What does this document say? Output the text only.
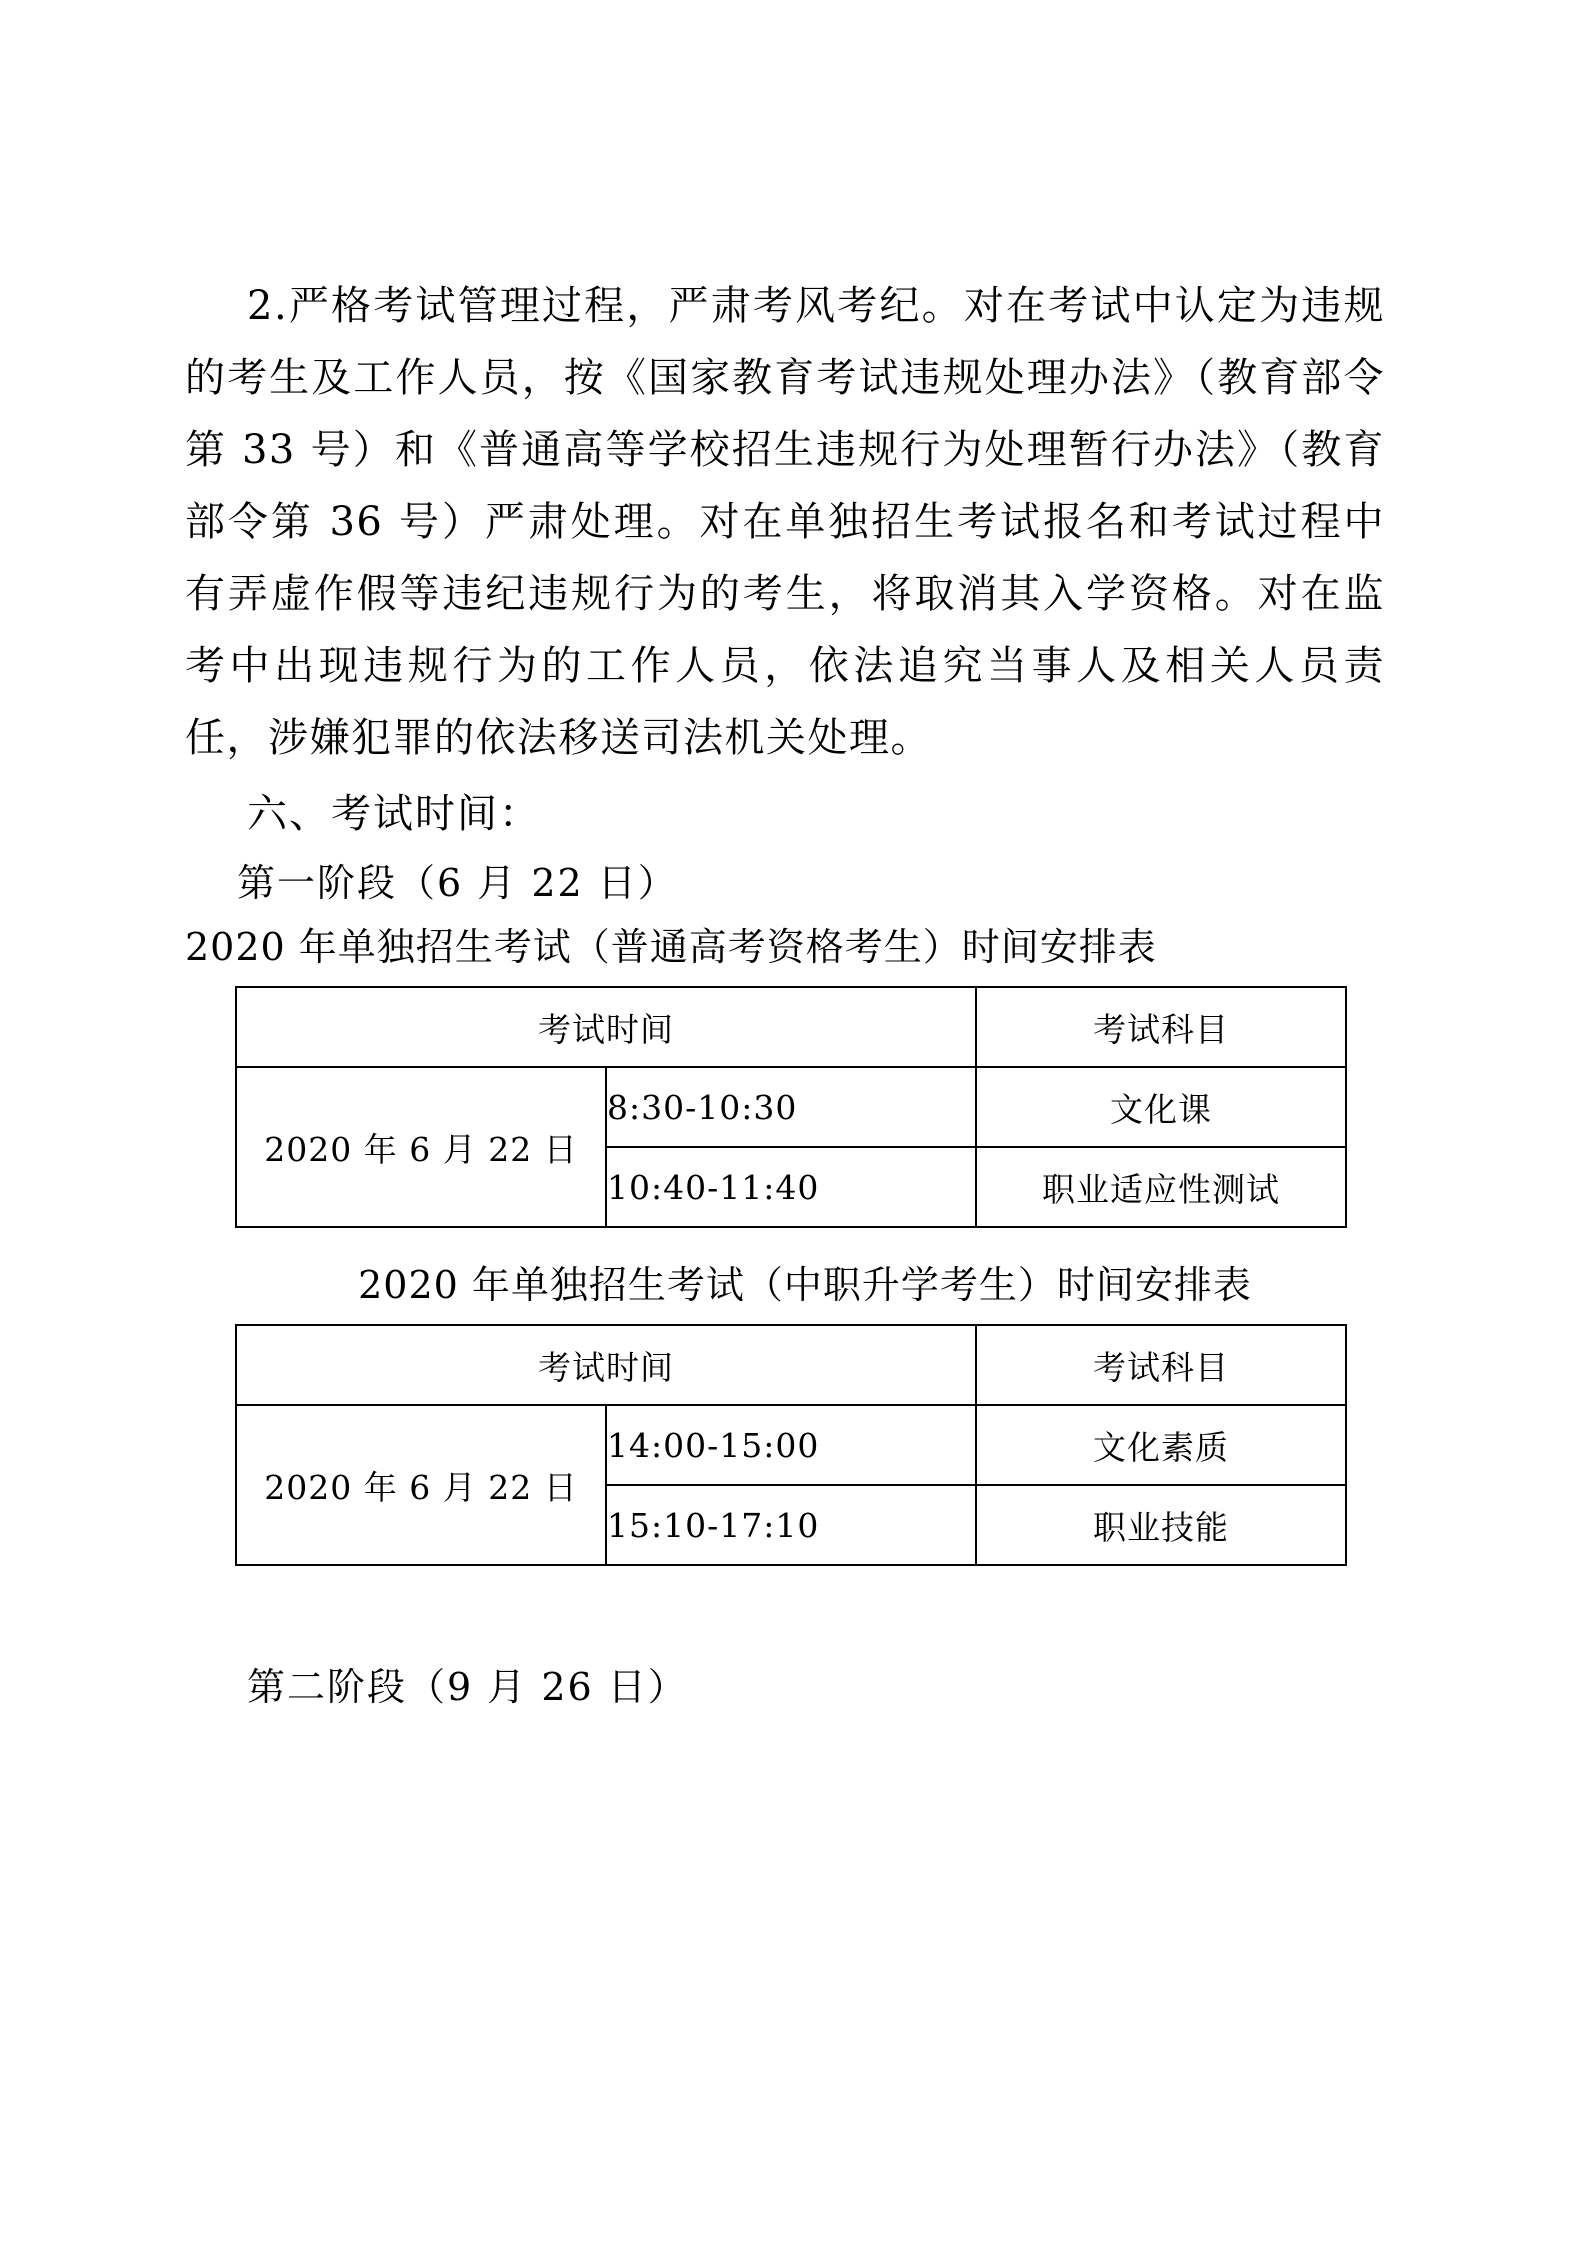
2.严格考试管理过程，严肃考风考纪。对在考试中认定为违规的考生及工作人员，按《国家教育考试违规处理办法》（教育部令第 33 号）和《普通高等学校招生违规行为处理暂行办法》（教育部令第 36 号）严肃处理。对在单独招生考试报名和考试过程中有弄虚作假等违纪违规行为的考生，将取消其入学资格。对在监考中出现违规行为的工作人员，依法追究当事人及相关人员责任，涉嫌犯罪的依法移送司法机关处理。

六、考试时间：
第一阶段（6 月 22 日）
2020 年单独招生考试（普通高考资格考生）时间安排表
考试时间		考试科目
2020 年 6 月 22 日	8:30-10:30	文化课
	10:40-11:40	职业适应性测试
2020 年单独招生考试（中职升学考生）时间安排表
考试时间		考试科目
2020 年 6 月 22 日	14:00-15:00	文化素质
	15:10-17:10	职业技能
第二阶段（9 月 26 日）
